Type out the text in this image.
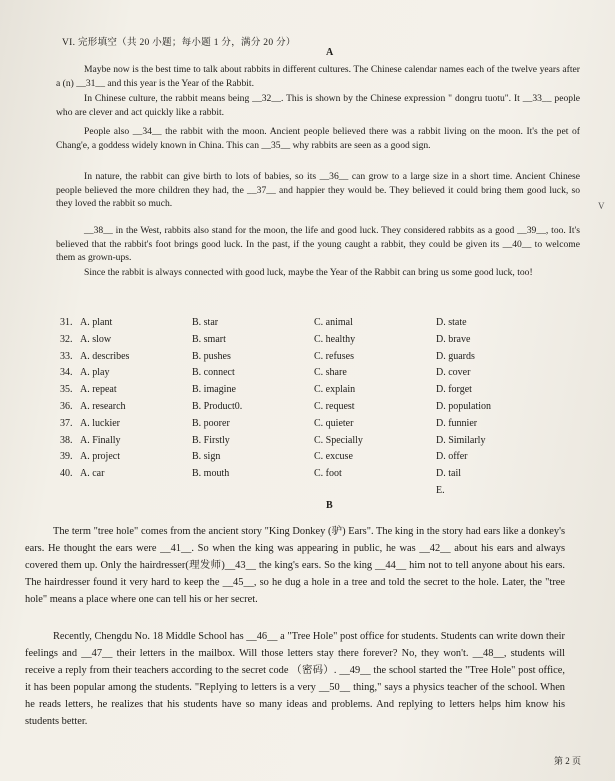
VI. 完形填空（共 20 小题；每小题 1 分，满分 20 分）
A
Maybe now is the best time to talk about rabbits in different cultures. The Chinese calendar names each of the twelve years after a (n) __31__ and this year is the Year of the Rabbit.
In Chinese culture, the rabbit means being __32__. This is shown by the Chinese expression " dongru tuotu". It __33__ people who are clever and act quickly like a rabbit.
People also __34__ the rabbit with the moon. Ancient people believed there was a rabbit living on the moon. It's the pet of Chang'e, a goddess widely known in China. This can __35__ why rabbits are seen as a good sign.
In nature, the rabbit can give birth to lots of babies, so its __36__ can grow to a large size in a short time. Ancient Chinese people believed the more children they had, the __37__ and happier they would be. They believed it could bring them good luck, so they loved the rabbit so much.
__38__ in the West, rabbits also stand for the moon, the life and good luck. They considered rabbits as a good __39__, too. It's believed that the rabbit's foot brings good luck. In the past, if the young caught a rabbit, they could be given its __40__ to welcome them as grown-ups.
Since the rabbit is always connected with good luck, maybe the Year of the Rabbit can bring us some good luck, too!
V
31. A. plant	B. star	C. animal	D. state
32. A. slow	B. smart	C. healthy	D. brave
33. A. describes	B. pushes	C. refuses	D. guards
34. A. play	B. connect	C. share	D. cover
35. A. repeat	B. imagine	C. explain	D. forget
36. A. research	B. Product0.	C. request	D. population
37. A. luckier	B. poorer	C. quieter	D. funnier
38. A. Finally	B. Firstly	C. Specially	D. Similarly
39. A. project	B. sign	C. excuse	D. offer
40. A. car	B. mouth	C. foot	D. tail
E.
B
The term "tree hole" comes from the ancient story "King Donkey (驴) Ears". The king in the story had ears like a donkey's ears. He thought the ears were __41__. So when the king was appearing in public, he was __42__ about his ears and always covered them up. Only the hairdresser(理发师)__43__ the king's ears. So the king __44__ him not to tell anyone about his ears. The hairdresser found it very hard to keep the __45__, so he dug a hole in a tree and told the secret to the hole. Later, the "tree hole" means a place where one can tell his or her secret.
Recently, Chengdu No. 18 Middle School has __46__ a "Tree Hole" post office for students. Students can write down their feelings and __47__ their letters in the mailbox. Will those letters stay there forever? No, they won't. __48__, students will receive a reply from their teachers according to the secret code （密码）. __49__ the school started the "Tree Hole" post office, it has been popular among the students. "Replying to letters is a very __50__ thing," says a physics teacher of the school. When he reads letters, he realizes that his students have so many ideas and problems. And replying to letters helps him know his students better.
第 2 页
